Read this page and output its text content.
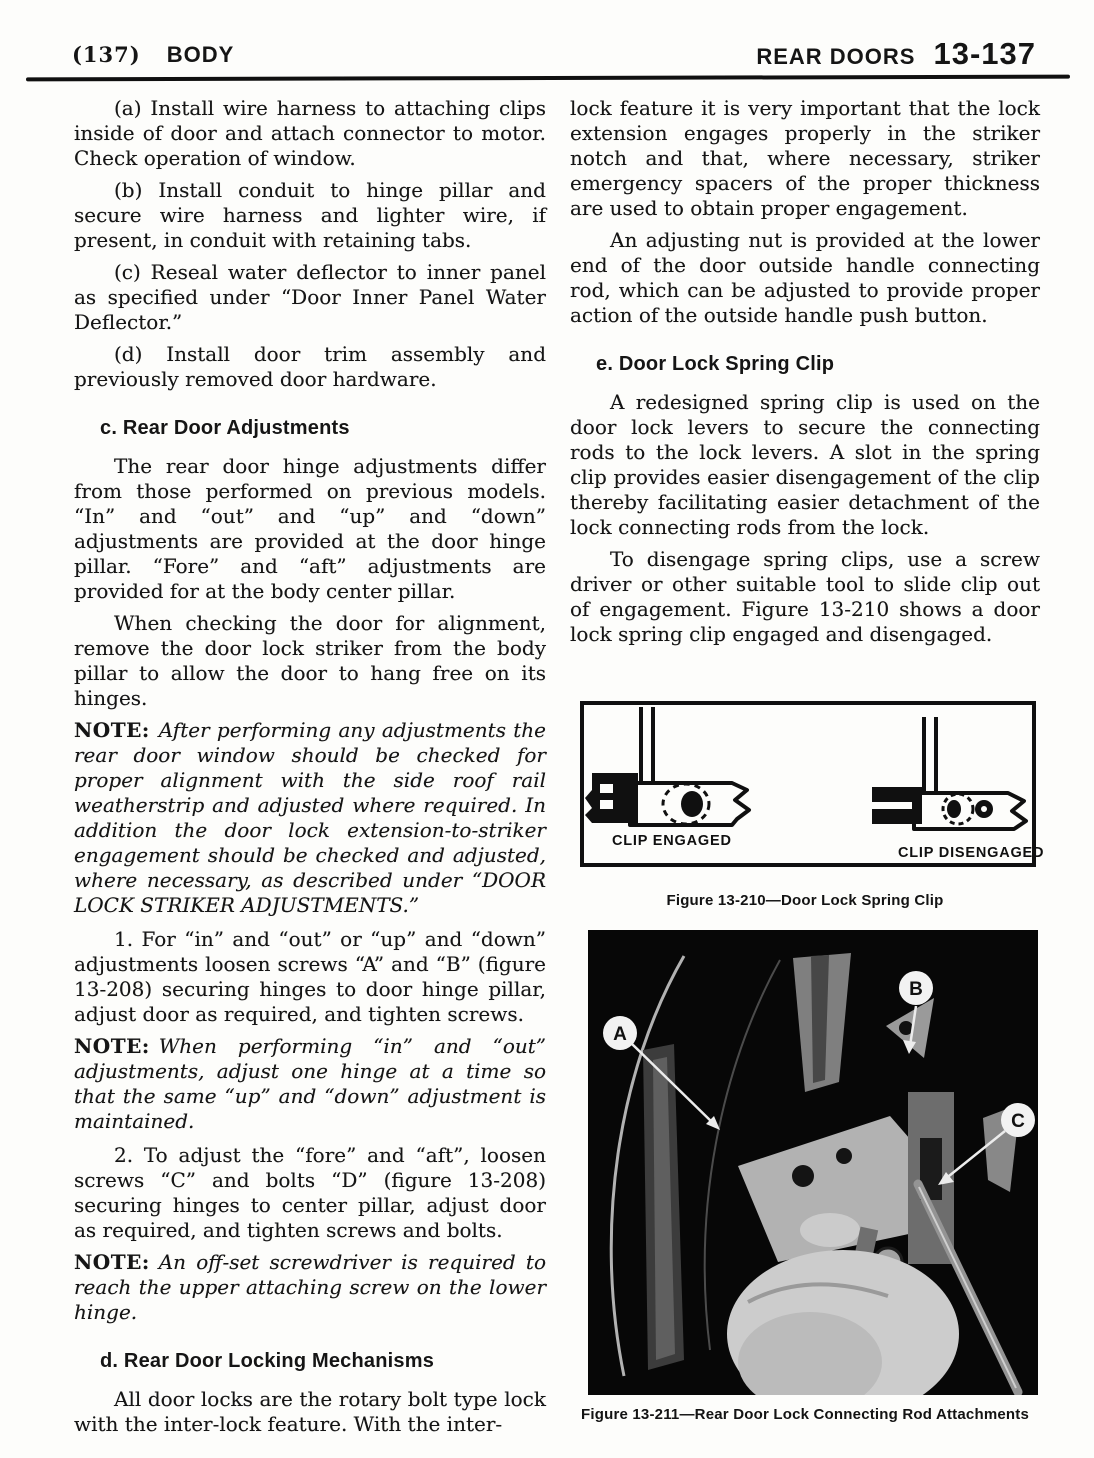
(137) BODY	REAR DOORS 13-137

(a) Install wire harness to attaching clips inside of door and attach connector to motor. Check operation of window.

(b) Install conduit to hinge pillar and secure wire harness and lighter wire, if present, in conduit with retaining tabs.

(c) Reseal water deflector to inner panel as specified under “Door Inner Panel Water Deflector.”

(d) Install door trim assembly and previously removed door hardware.

c. Rear Door Adjustments

The rear door hinge adjustments differ from those performed on previous models. “In” and “out” and “up” and “down” adjustments are provided at the door hinge pillar. “Fore” and “aft” adjustments are provided for at the body center pillar.

When checking the door for alignment, remove the door lock striker from the body pillar to allow the door to hang free on its hinges.

NOTE: After performing any adjustments the rear door window should be checked for proper alignment with the side roof rail weatherstrip and adjusted where required. In addition the door lock extension-to-striker engagement should be checked and adjusted, where necessary, as described under “DOOR LOCK STRIKER ADJUSTMENTS.”

1. For “in” and “out” or “up” and “down” adjustments loosen screws “A” and “B” (figure 13-208) securing hinges to door hinge pillar, adjust door as required, and tighten screws.

NOTE: When performing “in” and “out” adjustments, adjust one hinge at a time so that the same “up” and “down” adjustment is maintained.

2. To adjust the “fore” and “aft”, loosen screws “C” and bolts “D” (figure 13-208) securing hinges to center pillar, adjust door as required, and tighten screws and bolts.

NOTE: An off-set screwdriver is required to reach the upper attaching screw on the lower hinge.

d. Rear Door Locking Mechanisms

All door locks are the rotary bolt type lock with the inter-lock feature. With the inter-

lock feature it is very important that the lock extension engages properly in the striker notch and that, where necessary, striker emergency spacers of the proper thickness are used to obtain proper engagement.

An adjusting nut is provided at the lower end of the door outside handle connecting rod, which can be adjusted to provide proper action of the outside handle push button.

e. Door Lock Spring Clip

A redesigned spring clip is used on the door lock levers to secure the connecting rods to the lock levers. A slot in the spring clip provides easier disengagement of the clip thereby facilitating easier detachment of the lock connecting rods from the lock.

To disengage spring clips, use a screw driver or other suitable tool to slide clip out of engagement. Figure 13-210 shows a door lock spring clip engaged and disengaged.

CLIP ENGAGED
CLIP DISENGAGED
Figure 13-210—Door Lock Spring Clip
A
B
C
Figure 13-211—Rear Door Lock Connecting Rod Attachments
